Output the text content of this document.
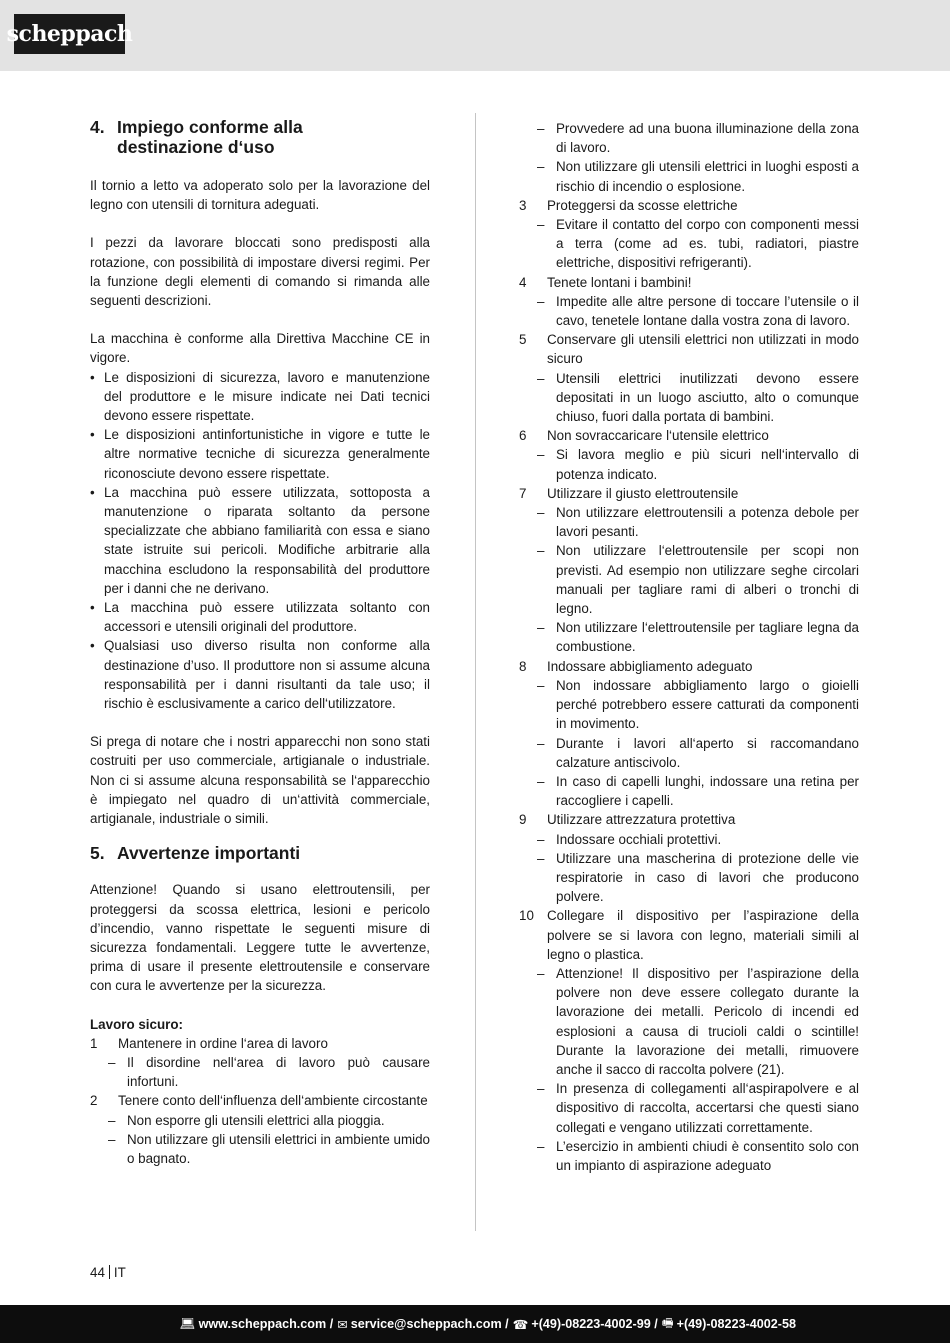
scheppach
4. Impiego conforme alla
destinazione d‘uso

Il tornio a letto va adoperato solo per la lavorazione del legno con utensili di tornitura adeguati.

I pezzi da lavorare bloccati sono predisposti alla rotazione, con possibilità di impostare diversi regimi. Per la funzione degli elementi di comando si rimanda alle seguenti descrizioni.

La macchina è conforme alla Direttiva Macchine CE in vigore.

• Le disposizioni di sicurezza, lavoro e manutenzione del produttore e le misure indicate nei Dati tecnici devono essere rispettate.
• Le disposizioni antinfortunistiche in vigore e tutte le altre normative tecniche di sicurezza generalmente riconosciute devono essere rispettate.
• La macchina può essere utilizzata, sottoposta a manutenzione o riparata soltanto da persone specializzate che abbiano familiarità con essa e siano state istruite sui pericoli. Modifiche arbitrarie alla macchina escludono la responsabilità del produttore per i danni che ne derivano.
• La macchina può essere utilizzata soltanto con accessori e utensili originali del produttore.
• Qualsiasi uso diverso risulta non conforme alla destinazione d’uso. Il produttore non si assume alcuna responsabilità per i danni risultanti da tale uso; il rischio è esclusivamente a carico dell‘utilizzatore.

Si prega di notare che i nostri apparecchi non sono stati costruiti per uso commerciale, artigianale o industriale. Non ci si assume alcuna responsabilità se l‘apparecchio è impiegato nel quadro di un‘attività commerciale, artigianale, industriale o simili.

5. Avvertenze importanti

Attenzione! Quando si usano elettroutensili, per proteggersi da scossa elettrica, lesioni e pericolo d’incendio, vanno rispettate le seguenti misure di sicurezza fondamentali. Leggere tutte le avvertenze, prima di usare il presente elettroutensile e conservare con cura le avvertenze per la sicurezza.

Lavoro sicuro:
1	Mantenere in ordine l‘area di lavoro
– Il disordine nell‘area di lavoro può causare infortuni.
2	Tenere conto dell‘influenza dell‘ambiente circostante
– Non esporre gli utensili elettrici alla pioggia.
– Non utilizzare gli utensili elettrici in ambiente umido o bagnato.
– Provvedere ad una buona illuminazione della zona di lavoro.
– Non utilizzare gli utensili elettrici in luoghi esposti a rischio di incendio o esplosione.
3	Proteggersi da scosse elettriche
– Evitare il contatto del corpo con componenti messi a terra (come ad es. tubi, radiatori, piastre elettriche, dispositivi refrigeranti).
4	Tenete lontani i bambini!
– Impedite alle altre persone di toccare l’utensile o il cavo, tenetele lontane dalla vostra zona di lavoro.
5	Conservare gli utensili elettrici non utilizzati in modo sicuro
– Utensili elettrici inutilizzati devono essere depositati in un luogo asciutto, alto o comunque chiuso, fuori dalla portata di bambini.
6	Non sovraccaricare l‘utensile elettrico
– Si lavora meglio e più sicuri nell‘intervallo di potenza indicato.
7	Utilizzare il giusto elettroutensile
– Non utilizzare elettroutensili a potenza debole per lavori pesanti.
– Non utilizzare l‘elettroutensile per scopi non previsti. Ad esempio non utilizzare seghe circolari manuali per tagliare rami di alberi o tronchi di legno.
– Non utilizzare l‘elettroutensile per tagliare legna da combustione.
8	Indossare abbigliamento adeguato
– Non indossare abbigliamento largo o gioielli perché potrebbero essere catturati da componenti in movimento.
– Durante i lavori all‘aperto si raccomandano calzature antiscivolo.
– In caso di capelli lunghi, indossare una retina per raccogliere i capelli.
9	Utilizzare attrezzatura protettiva
– Indossare occhiali protettivi.
– Utilizzare una mascherina di protezione delle vie respiratorie in caso di lavori che producono polvere.
10 Collegare il dispositivo per l’aspirazione della polvere se si lavora con legno, materiali simili al legno o plastica.
– Attenzione! Il dispositivo per l’aspirazione della polvere non deve essere collegato durante la lavorazione dei metalli. Pericolo di incendi ed esplosioni a causa di trucioli caldi o scintille! Durante la lavorazione dei metalli, rimuovere anche il sacco di raccolta polvere (21).
– In presenza di collegamenti all‘aspirapolvere e al dispositivo di raccolta, accertarsi che questi siano collegati e vengano utilizzati correttamente.
– L’esercizio in ambienti chiudi è consentito solo con un impianto di aspirazione adeguato
44 IT
💻︎ www.scheppach.com / ✉︎ service@scheppach.com / ☎︎ +(49)-08223-4002-99 / 🖷︎ +(49)-08223-4002-58
